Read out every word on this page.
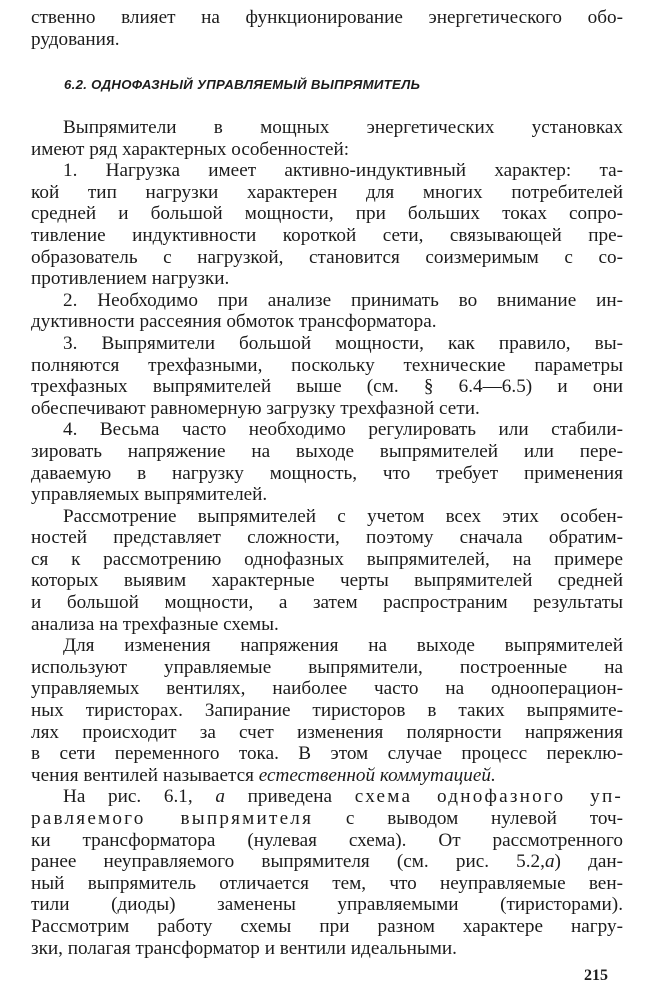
ственно влияет на функционирование энергетического обо-
рудования.
6.2. ОДНОФАЗНЫЙ УПРАВЛЯЕМЫЙ ВЫПРЯМИТЕЛЬ
Выпрямители в мощных энергетических установках
имеют ряд характерных особенностей:
1. Нагрузка имеет активно-индуктивный характер: та-
кой тип нагрузки характерен для многих потребителей
средней и большой мощности, при больших токах сопро-
тивление индуктивности короткой сети, связывающей пре-
образователь с нагрузкой, становится соизмеримым с со-
противлением нагрузки.
2. Необходимо при анализе принимать во внимание ин-
дуктивности рассеяния обмоток трансформатора.
3. Выпрямители большой мощности, как правило, вы-
полняются трехфазными, поскольку технические параметры
трехфазных выпрямителей выше (см. § 6.4—6.5) и они
обеспечивают равномерную загрузку трехфазной сети.
4. Весьма часто необходимо регулировать или стабили-
зировать напряжение на выходе выпрямителей или пере-
даваемую в нагрузку мощность, что требует применения
управляемых выпрямителей.
Рассмотрение выпрямителей с учетом всех этих особен-
ностей представляет сложности, поэтому сначала обратим-
ся к рассмотрению однофазных выпрямителей, на примере
которых выявим характерные черты выпрямителей средней
и большой мощности, а затем распространим результаты
анализа на трехфазные схемы.
Для изменения напряжения на выходе выпрямителей
используют управляемые выпрямители, построенные на
управляемых вентилях, наиболее часто на однооперацион-
ных тиристорах. Запирание тиристоров в таких выпрямите-
лях происходит за счет изменения полярности напряжения
в сети переменного тока. В этом случае процесс переклю-
чения вентилей называется естественной коммутацией.
На рис. 6.1, а приведена схема однофазного уп-
равляемого выпрямителя с выводом нулевой точ-
ки трансформатора (нулевая схема). От рассмотренного
ранее неуправляемого выпрямителя (см. рис. 5.2,а) дан-
ный выпрямитель отличается тем, что неуправляемые вен-
тили (диоды) заменены управляемыми (тиристорами).
Рассмотрим работу схемы при разном характере нагру-
зки, полагая трансформатор и вентили идеальными.
215
